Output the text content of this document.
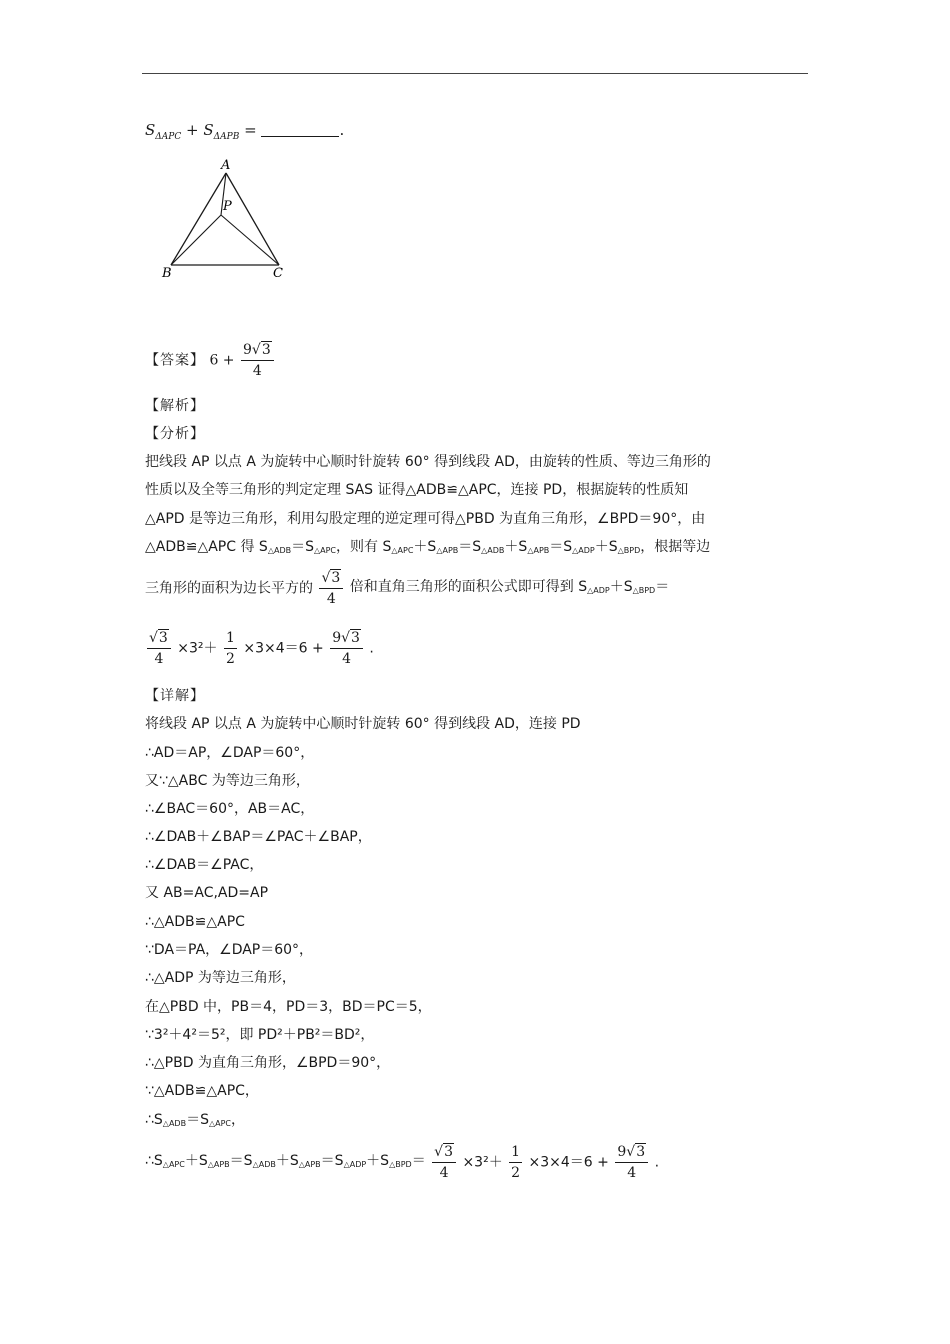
$S_{\Delta APC} + S_{\Delta APB}$ =	.
A
P
B	C
【答案】 $6 + \frac{9√3}{4}$
【解析】
【分析】
把线段 AP 以点 A 为旋转中心顺时针旋转 60° 得到线段 AD，由旋转的性质、等边三角形的
性质以及全等三角形的判定定理 SAS 证得△ADB≌△APC，连接 PD，根据旋转的性质知
△APD 是等边三角形，利用勾股定理的逆定理可得△PBD 为直角三角形，∠BPD＝90°，由
△ADB≌△APC 得 S△ADB＝S△APC，则有 S△APC＋S△APB＝S△ADB＋S△APB＝S△ADP＋S△BPD，根据等边
三角形的面积为边长平方的 $\frac{√3}{4}$ 倍和直角三角形的面积公式即可得到 S△ADP＋S△BPD＝
$\frac{√3}{4} \times 3^2+ \frac{1}{2} \times 3\times 4=6 + \frac{9√3}{4}$ .
【详解】
将线段 AP 以点 A 为旋转中心顺时针旋转 60° 得到线段 AD，连接 PD
∴AD＝AP，∠DAP＝60°，
又∵△ABC 为等边三角形，
∴∠BAC＝60°，AB＝AC，
∴∠DAB＋∠BAP＝∠PAC＋∠BAP，
∴∠DAB＝∠PAC，
又 AB=AC,AD=AP
∴△ADB≌△APC
∵DA＝PA，∠DAP＝60°，
∴△ADP 为等边三角形，
在△PBD 中，PB＝4，PD＝3，BD＝PC＝5，
∵3²＋4²＝5²，即 PD²＋PB²＝BD²，
∴△PBD 为直角三角形，∠BPD＝90°，
∵△ADB≌△APC，
∴S△ADB＝S△APC，
∴S△APC＋S△APB＝S△ADB＋S△APB＝S△ADP＋S△BPD＝ $\frac{√3}{4} \times 3^2+ \frac{1}{2} \times 3\times 4=6 + \frac{9√3}{4}$ .
